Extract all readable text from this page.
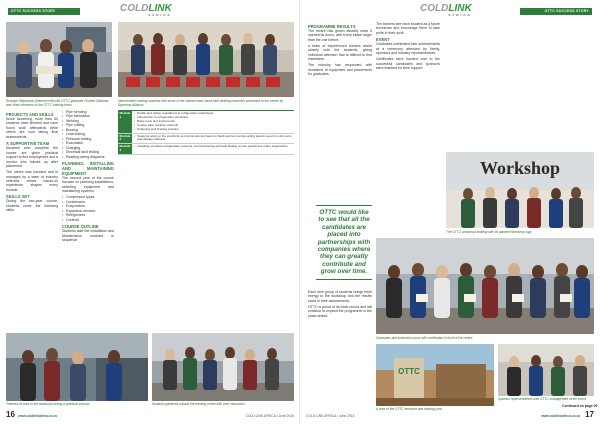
OTTC SUCCESS STORY	COLDLINK
AFRICA
Rudolph Stephanus (extreme left) with OTTC graduate Charles Zaaiman and other members of the OTTC training team.
Intermediate welding students with some of the sixteen basic hand-held welding machines presented to the centre by Sparrows Alliance.
PROJECTS AND SKILLS

Since launching, more than 60 students have finished and have found work afterwards while others are now taking final assessments.

A SUPPORTIVE TEAM

Students who complete the course are given practical support to find employment and a mentor who follows up after placement.

The centre was founded and is managed by a team of industry veterans whose hands-on experience shapes every module.

SKILLS SET

During the two-year course, students cover the following skills:

• Pipe bending
• Pipe fabrication
• Welding
• Pipe cutting
• Brazing
• Leak testing
• Pressure testing
• Evacuation
• Charging
• Electrical fault finding
• Reading wiring diagrams
PLANNING, INSTALLING AND MAINTAINING EQUIPMENT

The second year of the course focuses on planning installations, selecting equipment and maintaining systems:

• Compressor types
• Condensers
• Evaporators
• Expansion devices
• Refrigerants
• Controls
COURSE OUTLINE

Students take the Installation and Maintenance modules in sequence.

Module 1
• Health and safety regulations in refrigeration workshops
• Introduction to refrigeration principles
• Basic tools and instruments
• Copper pipe working methods
• Soldering and brazing practice
Module 2
• Students work on the electrical control circuits and learn to build and test simple wiring panels used in cold rooms and display cabinets.
Module 3
• Installing complete refrigeration systems, commissioning and fault finding on live equipment under supervision.
Trainees at work in the workshop during a practical session.	Students gathered outside the training centre with their instructors.
16 www.coldlinkafrica.co.za	COLD LINK AFRICA • June 2016
COLDLINK
AFRICA
OTTC SUCCESS STORY
PROGRAMME RESULTS

The centre has grown steadily since it opened its doors, with every intake larger than the one before.

A team of experienced trainers works closely with the students, giving individual attention that is difficult to find elsewhere.

The industry has responded with donations of equipment and placements for graduates.

OTTC would like to see that all the candidates are placed into partnerships with companies where they can greatly contribute and grow over time.

Each new group of students brings fresh energy to the workshop and the results show in their assessments.

OTTC is proud of its track record and will continue to expand the programme in the years ahead.

The trainers see each student as a future technician and encourage them to take pride in their work.

EVENT

Graduates celebrated their achievements at a ceremony attended by family, sponsors and industry representatives.

Certificates were handed over to the successful candidates and sponsors were thanked for their support.

Workshop
The OTTC workshop building with its painted Workshop sign.
Graduates and instructors pose with certificates in front of the centre.
OTTC
A view of the OTTC entrance and training yard.
Sponsor representatives with OTTC management at the event.
Continued on page 00
COLD LINK AFRICA • June 2016	www.coldlinkafrica.co.za 17
